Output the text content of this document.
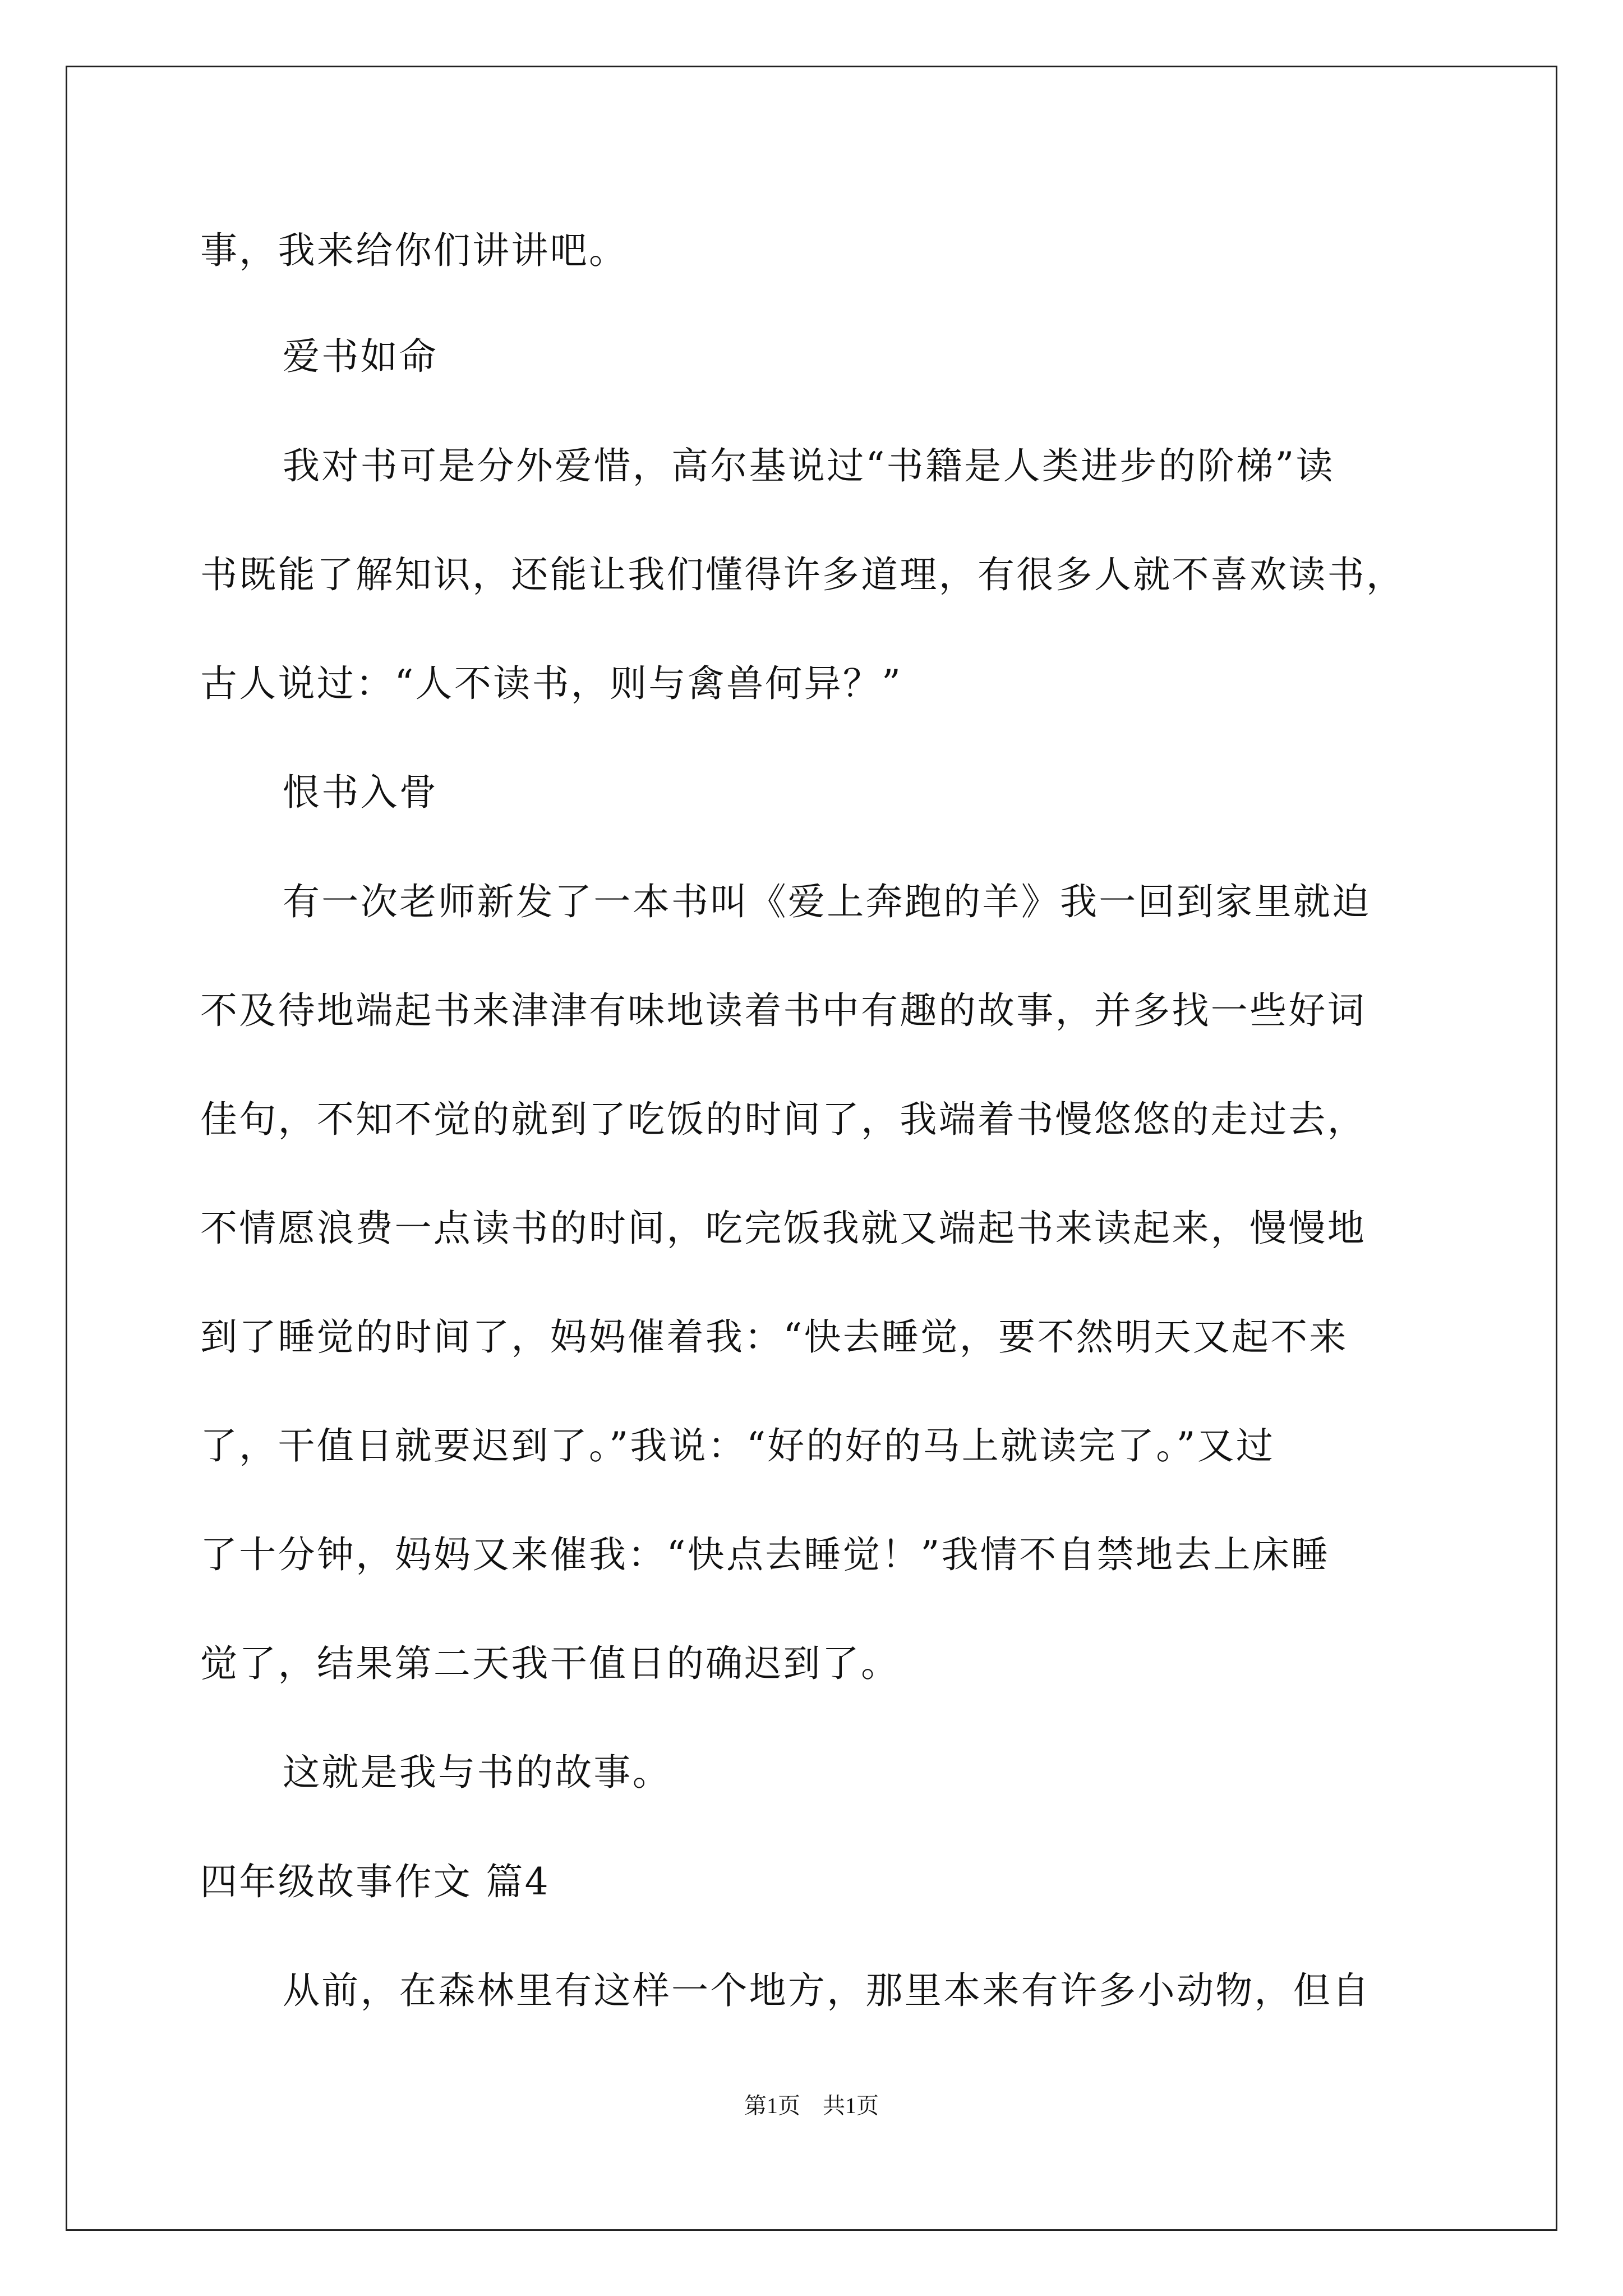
事，我来给你们讲讲吧。
爱书如命
我对书可是分外爱惜，高尔基说过“书籍是人类进步的阶梯”读
书既能了解知识，还能让我们懂得许多道理，有很多人就不喜欢读书，
古人说过：“人不读书，则与禽兽何异？”
恨书入骨
有一次老师新发了一本书叫《爱上奔跑的羊》我一回到家里就迫
不及待地端起书来津津有味地读着书中有趣的故事，并多找一些好词
佳句，不知不觉的就到了吃饭的时间了，我端着书慢悠悠的走过去，
不情愿浪费一点读书的时间，吃完饭我就又端起书来读起来，慢慢地
到了睡觉的时间了，妈妈催着我：“快去睡觉，要不然明天又起不来
了，干值日就要迟到了。”我说：“好的好的马上就读完了。”又过
了十分钟，妈妈又来催我：“快点去睡觉！”我情不自禁地去上床睡
觉了，结果第二天我干值日的确迟到了。
这就是我与书的故事。
四年级故事作文 篇4
从前，在森林里有这样一个地方，那里本来有许多小动物，但自
第1页　共1页
